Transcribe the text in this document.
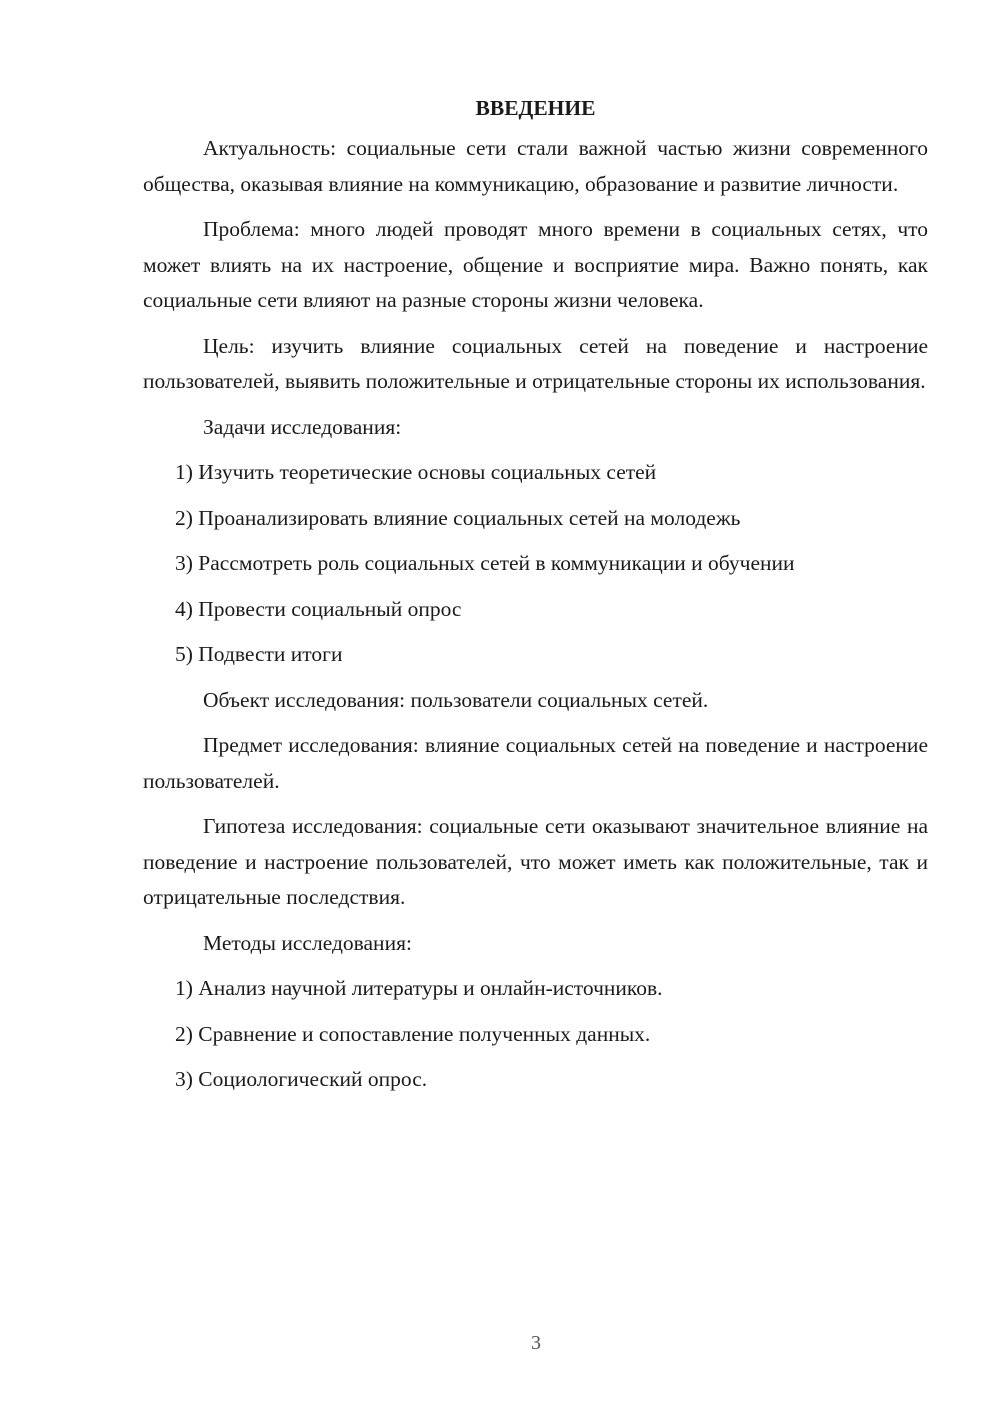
ВВЕДЕНИЕ

Актуальность: социальные сети стали важной частью жизни современного общества, оказывая влияние на коммуникацию, образование и развитие личности.

Проблема: много людей проводят много времени в социальных сетях, что может влиять на их настроение, общение и восприятие мира. Важно понять, как социальные сети влияют на разные стороны жизни человека.

Цель: изучить влияние социальных сетей на поведение и настроение пользователей, выявить положительные и отрицательные стороны их использования.

Задачи исследования:

1) Изучить теоретические основы социальных сетей

2) Проанализировать влияние социальных сетей на молодежь

3) Рассмотреть роль социальных сетей в коммуникации и обучении

4) Провести социальный опрос

5) Подвести итоги

Объект исследования: пользователи социальных сетей.

Предмет исследования: влияние социальных сетей на поведение и настроение пользователей.

Гипотеза исследования: социальные сети оказывают значительное влияние на поведение и настроение пользователей, что может иметь как положительные, так и отрицательные последствия.

Методы исследования:

1) Анализ научной литературы и онлайн-источников.

2) Сравнение и сопоставление полученных данных.

3) Социологический опрос.

3
